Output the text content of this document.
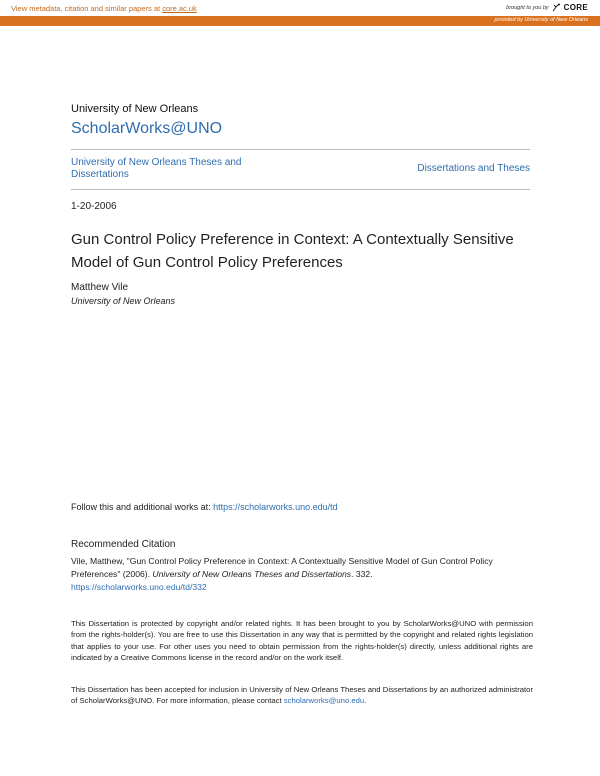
View metadata, citation and similar papers at core.ac.uk	brought to you by CORE
provided by University of New Orleans
University of New Orleans
ScholarWorks@UNO
University of New Orleans Theses and Dissertations
Dissertations and Theses
1-20-2006
Gun Control Policy Preference in Context: A Contextually Sensitive Model of Gun Control Policy Preferences
Matthew Vile
University of New Orleans
Follow this and additional works at: https://scholarworks.uno.edu/td
Recommended Citation
Vile, Matthew, "Gun Control Policy Preference in Context: A Contextually Sensitive Model of Gun Control Policy Preferences" (2006). University of New Orleans Theses and Dissertations. 332.
https://scholarworks.uno.edu/td/332
This Dissertation is protected by copyright and/or related rights. It has been brought to you by ScholarWorks@UNO with permission from the rights-holder(s). You are free to use this Dissertation in any way that is permitted by the copyright and related rights legislation that applies to your use. For other uses you need to obtain permission from the rights-holder(s) directly, unless additional rights are indicated by a Creative Commons license in the record and/or on the work itself.
This Dissertation has been accepted for inclusion in University of New Orleans Theses and Dissertations by an authorized administrator of ScholarWorks@UNO. For more information, please contact scholarworks@uno.edu.
